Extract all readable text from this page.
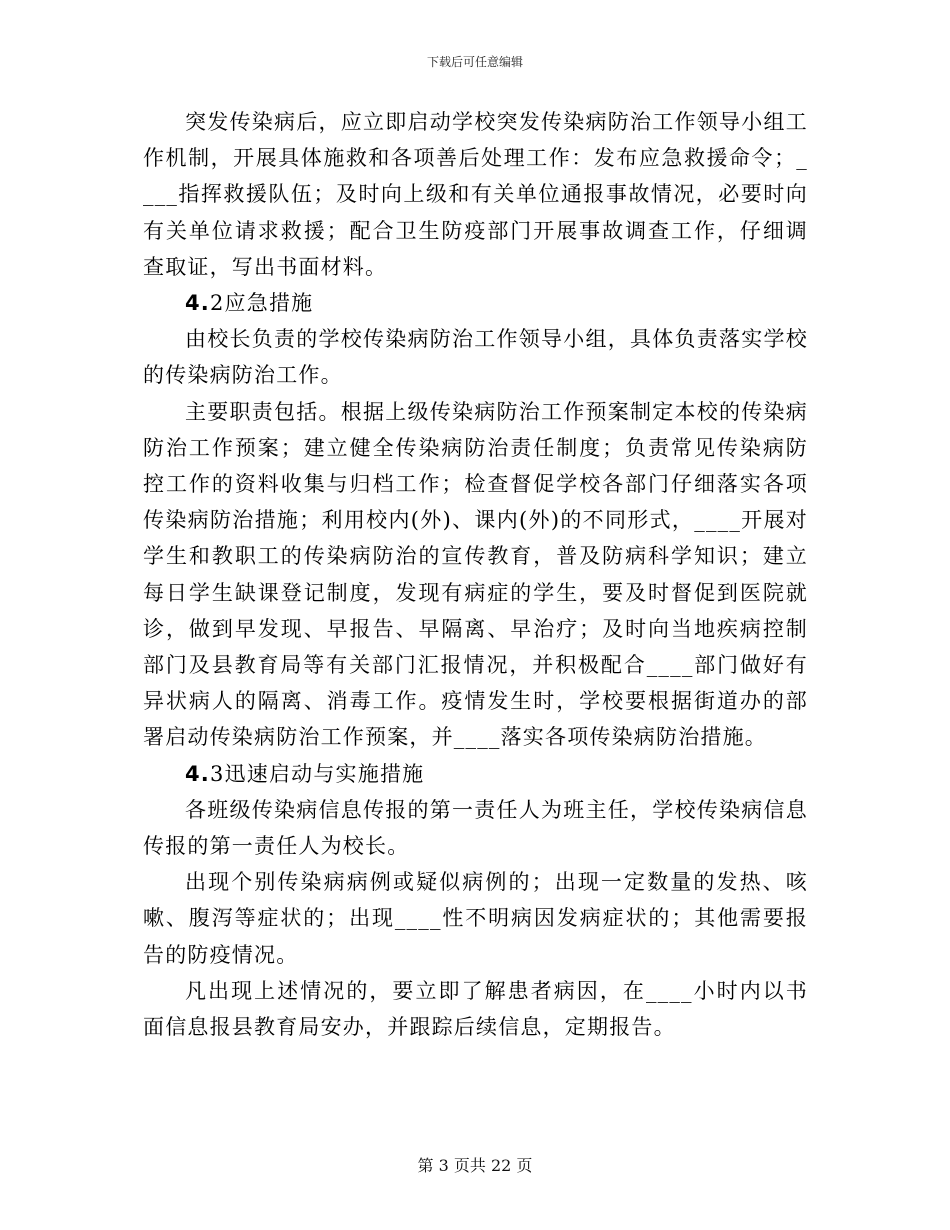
下载后可任意编辑

突发传染病后，应立即启动学校突发传染病防治工作领导小组工作机制，开展具体施救和各项善后处理工作：发布应急救援命令；____指挥救援队伍；及时向上级和有关单位通报事故情况，必要时向有关单位请求救援；配合卫生防疫部门开展事故调查工作，仔细调查取证，写出书面材料。

4.2应急措施

由校长负责的学校传染病防治工作领导小组，具体负责落实学校的传染病防治工作。

主要职责包括。根据上级传染病防治工作预案制定本校的传染病防治工作预案；建立健全传染病防治责任制度；负责常见传染病防控工作的资料收集与归档工作；检查督促学校各部门仔细落实各项传染病防治措施；利用校内(外)、课内(外)的不同形式，____开展对学生和教职工的传染病防治的宣传教育，普及防病科学知识；建立每日学生缺课登记制度，发现有病症的学生，要及时督促到医院就诊，做到早发现、早报告、早隔离、早治疗；及时向当地疾病控制部门及县教育局等有关部门汇报情况，并积极配合____部门做好有异状病人的隔离、消毒工作。疫情发生时，学校要根据街道办的部署启动传染病防治工作预案，并____落实各项传染病防治措施。

4.3迅速启动与实施措施

各班级传染病信息传报的第一责任人为班主任，学校传染病信息传报的第一责任人为校长。

出现个别传染病病例或疑似病例的；出现一定数量的发热、咳嗽、腹泻等症状的；出现____性不明病因发病症状的；其他需要报告的防疫情况。

凡出现上述情况的，要立即了解患者病因，在____小时内以书面信息报县教育局安办，并跟踪后续信息，定期报告。

第 3 页共 22 页
